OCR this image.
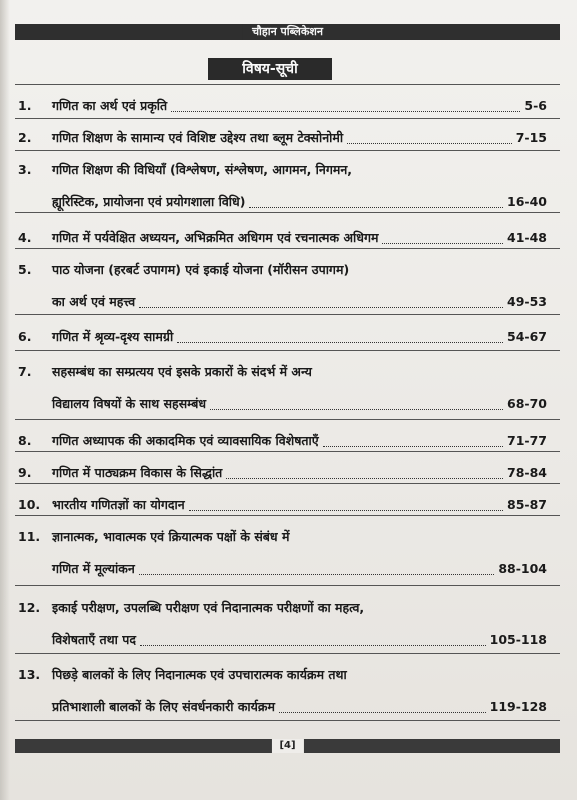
चौहान पब्लिकेशन
विषय-सूची
1. गणित का अर्थ एवं प्रकृति	5-6
2. गणित शिक्षण के सामान्य एवं विशिष्ट उद्देश्य तथा ब्लूम टेक्सोनोमी	7-15
3. गणित शिक्षण की विधियाँ (विश्लेषण, संश्लेषण, आगमन, निगमन,
ह्यूरिस्टिक, प्रायोजना एवं प्रयोगशाला विधि)	16-40
4. गणित में पर्यवेक्षित अध्ययन, अभिक्रमित अधिगम एवं रचनात्मक अधिगम	41-48
5. पाठ योजना (हरबर्ट उपागम) एवं इकाई योजना (मॉरीसन उपागम)
का अर्थ एवं महत्त्व	49-53
6. गणित में श्रृव्य-दृश्य सामग्री	54-67
7. सहसम्बंध का सम्प्रत्यय एवं इसके प्रकारों के संदर्भ में अन्य
विद्यालय विषयों के साथ सहसम्बंध	68-70
8. गणित अध्यापक की अकादमिक एवं व्यावसायिक विशेषताएँ	71-77
9. गणित में पाठ्यक्रम विकास के सिद्धांत	78-84
10. भारतीय गणितज्ञों का योगदान	85-87
11. ज्ञानात्मक, भावात्मक एवं क्रियात्मक पक्षों के संबंध में
गणित में मूल्यांकन	88-104
12. इकाई परीक्षण, उपलब्धि परीक्षण एवं निदानात्मक परीक्षणों का महत्व,
विशेषताएँ तथा पद	105-118
13. पिछड़े बालकों के लिए निदानात्मक एवं उपचारात्मक कार्यक्रम तथा
प्रतिभाशाली बालकों के लिए संवर्धनकारी कार्यक्रम	119-128
[4]
